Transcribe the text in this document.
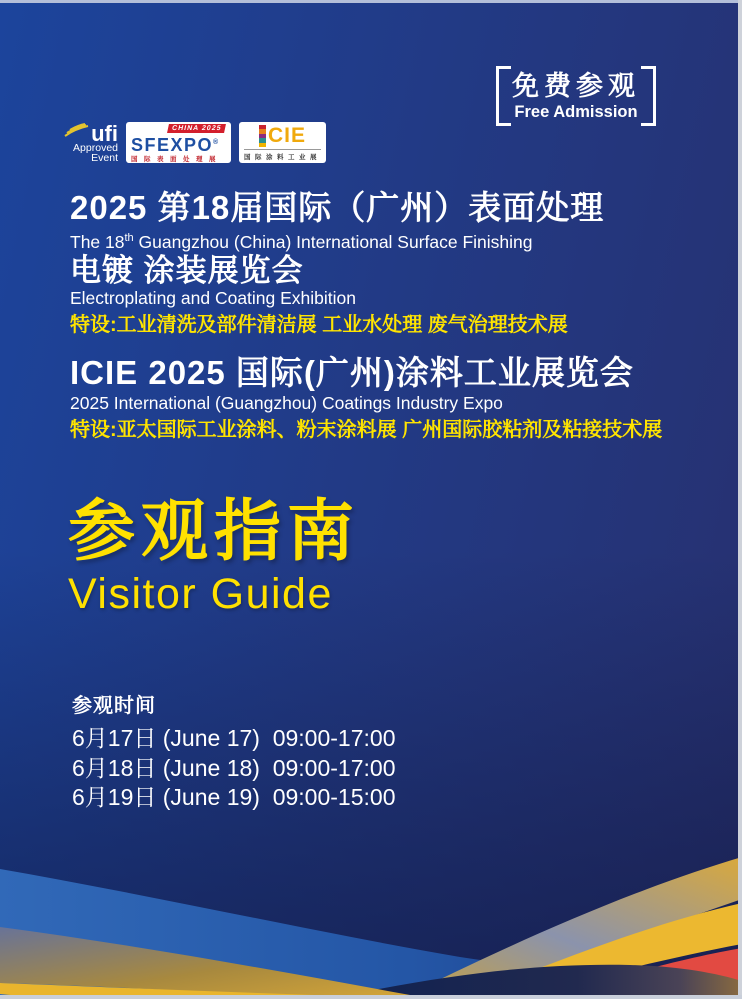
免费参观
Free Admission
ufi
Approved
Event
CHINA 2025
SFEXPO®
国际表面处理展
CIE
国际涂料工业展
2025 第18届国际（广州）表面处理
The 18th Guangzhou (China) International Surface Finishing
电镀 涂装展览会
Electroplating and Coating Exhibition
特设:工业清洗及部件清洁展 工业水处理 废气治理技术展
ICIE 2025 国际(广州)涂料工业展览会
2025 International (Guangzhou) Coatings Industry Expo
特设:亚太国际工业涂料、粉末涂料展 广州国际胶粘剂及粘接技术展
参观指南
Visitor Guide
参观时间
6月17日 (June 17)  09:00-17:00
6月18日 (June 18)  09:00-17:00
6月19日 (June 19)  09:00-15:00
